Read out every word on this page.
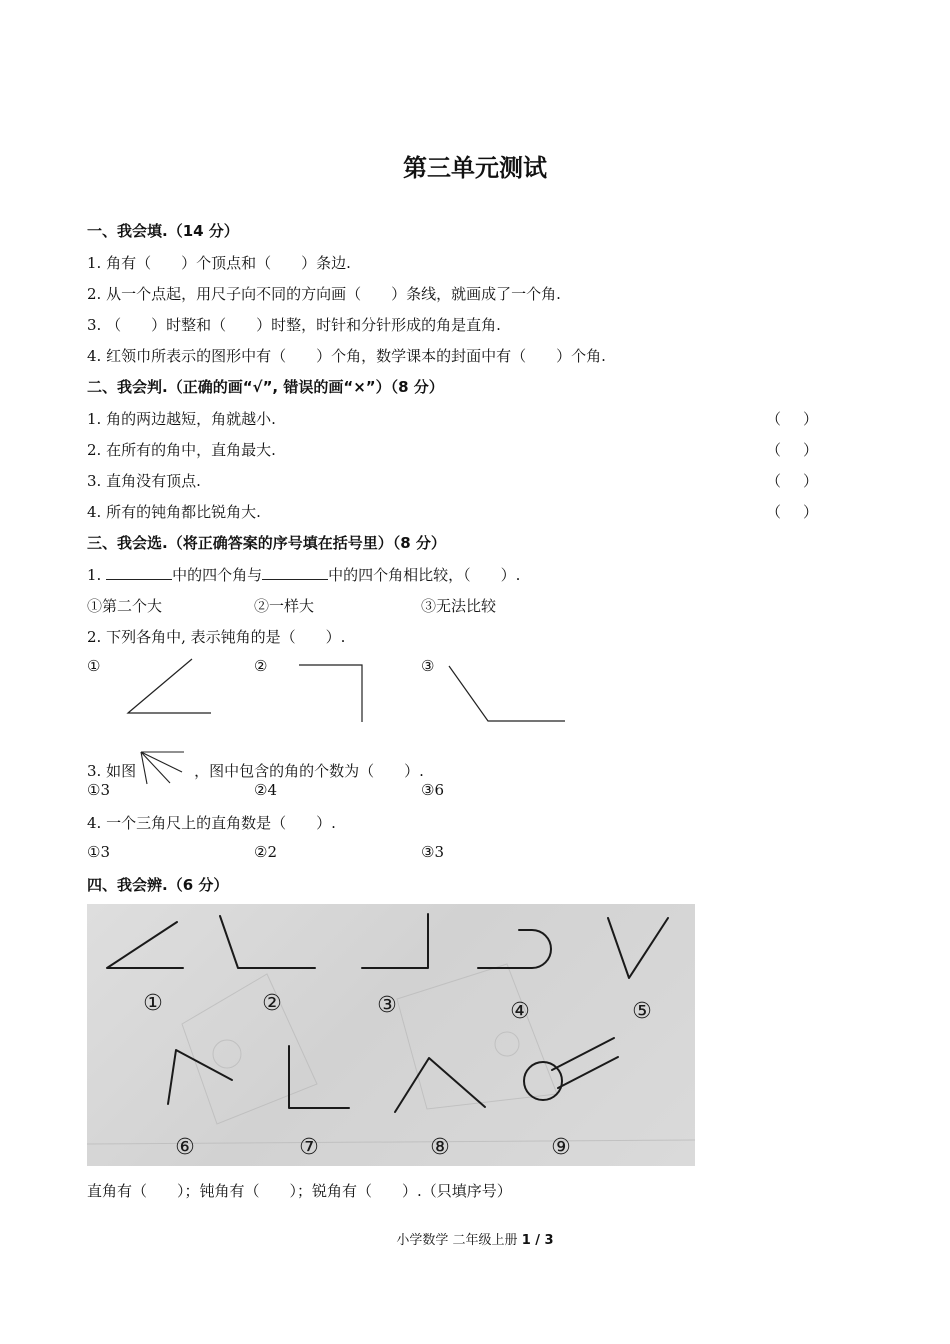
第三单元测试
一、我会填.（14 分）
1. 角有（　　）个顶点和（　　）条边.
2. 从一个点起，用尺子向不同的方向画（　　）条线，就画成了一个角.
3. （　　）时整和（　　）时整，时针和分针形成的角是直角.
4. 红领巾所表示的图形中有（　　）个角，数学课本的封面中有（　　）个角.
二、我会判.（正确的画“√”, 错误的画“×”）（8 分）
1. 角的两边越短，角就越小.	（ ）
2. 在所有的角中，直角最大.	（ ）
3. 直角没有顶点.	（ ）
4. 所有的钝角都比锐角大.	（ ）
三、我会选.（将正确答案的序号填在括号里）（8 分）
1.	中的四个角与	中的四个角相比较，（　　）.
①第二个大	②一样大	③无法比较
2. 下列各角中, 表示钝角的是（　　）.
①	②	③
3. 如图	，图中包含的角的个数为（　　）.
①3	②4	③6
4. 一个三角尺上的直角数是（　　）.
①3	②2	③3
四、我会辨.（6 分）
①	②	③	④	⑤
⑥	⑦	⑧	⑨
直角有（　　）；钝角有（　　）；锐角有（　　）.（只填序号）
小学数学 二年级上册 1 / 3
